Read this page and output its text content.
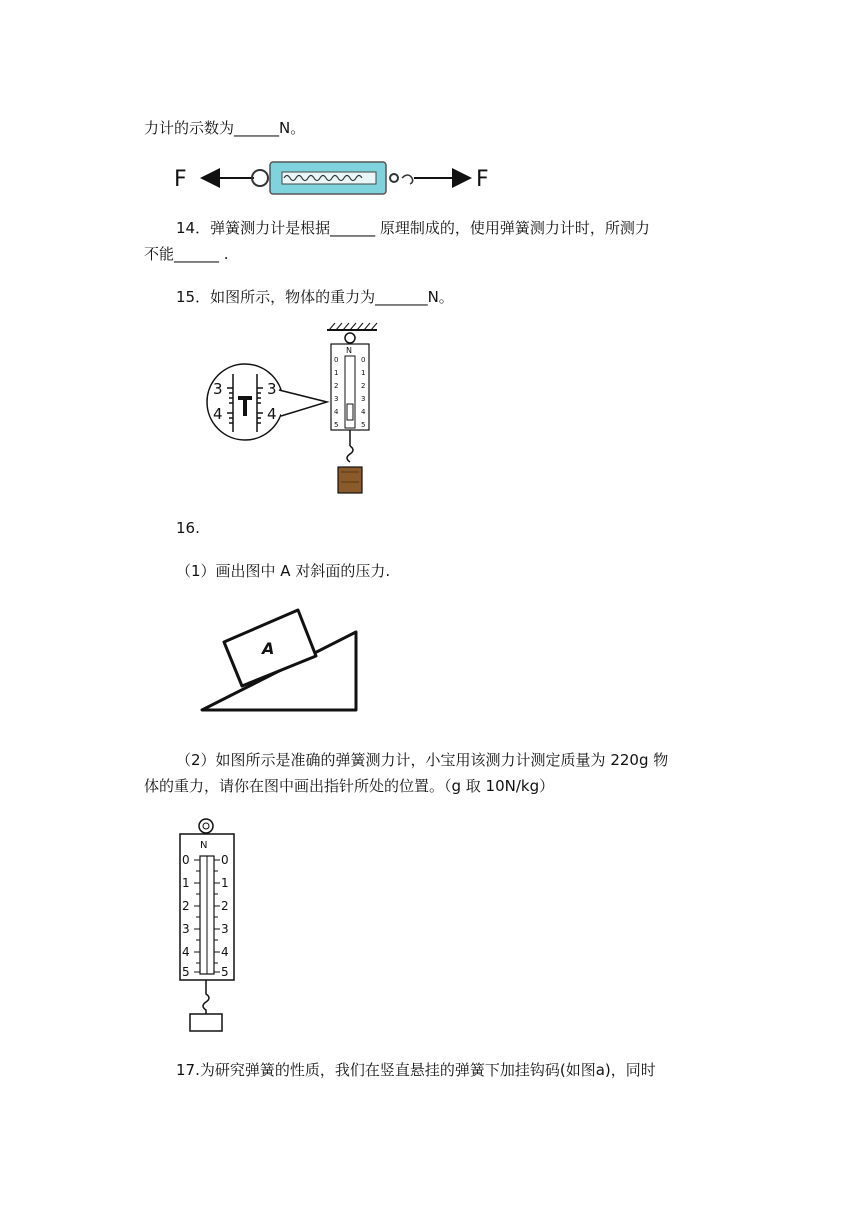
力计的示数为______N。
14．弹簧测力计是根据______ 原理制成的，使用弹簧测力计时，所测力
不能______ .
15．如图所示，物体的重力为_______N。
16.
（1）画出图中 A 对斜面的压力.
（2）如图所示是准确的弹簧测力计，小宝用该测力计测定质量为 220g 物
体的重力，请你在图中画出指针所处的位置。（g 取 10N/kg）
17.为研究弹簧的性质，我们在竖直悬挂的弹簧下加挂钩码(如图a)，同时
F	F
N
0
1
2
3
4
5
0
1
2
3
4
5
3
4
3
4
A
N
0
1
2
3
4
5
0
1
2
3
4
5
